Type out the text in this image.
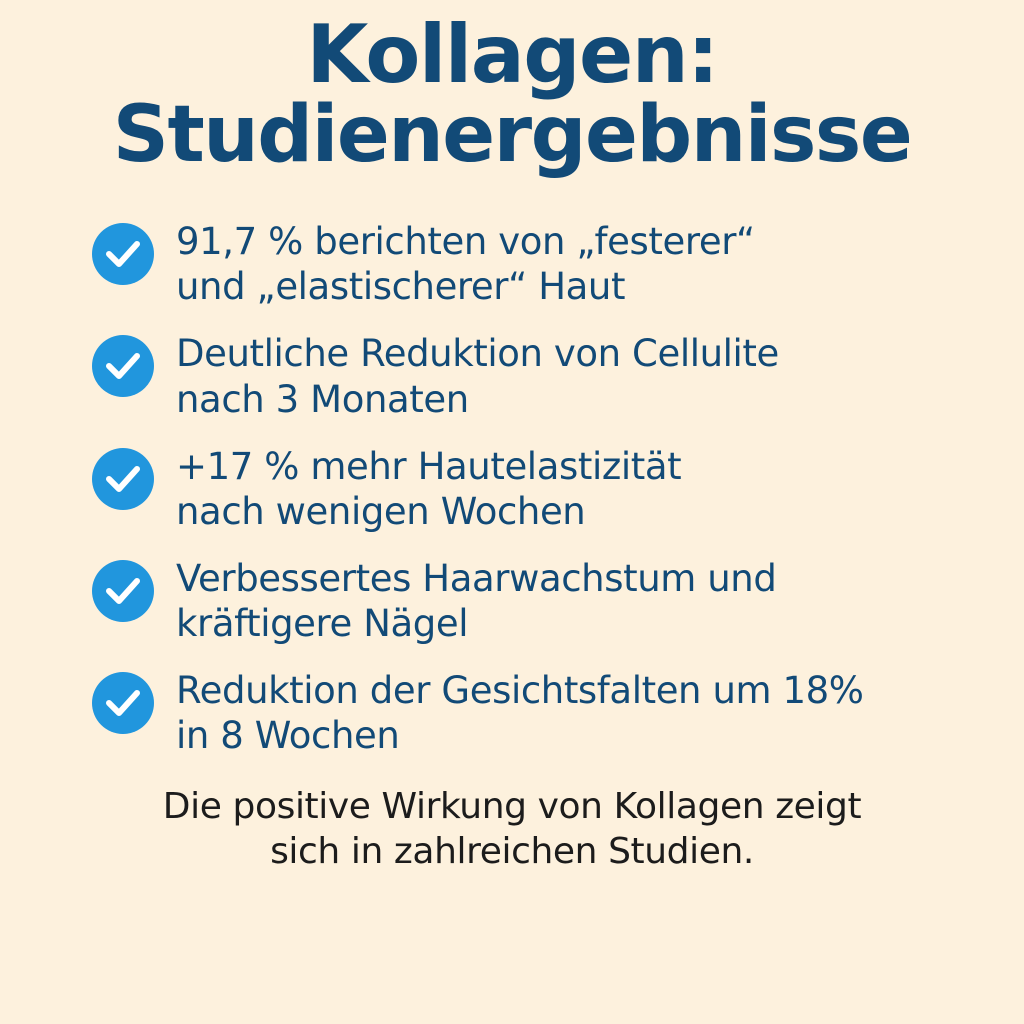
Kollagen:
Studienergebnisse
91,7 % berichten von „festerer“
und „elastischerer“ Haut
Deutliche Reduktion von Cellulite
nach 3 Monaten
+17 % mehr Hautelastizität
nach wenigen Wochen
Verbessertes Haarwachstum und
kräftigere Nägel
Reduktion der Gesichtsfalten um 18%
in 8 Wochen
Die positive Wirkung von Kollagen zeigt
sich in zahlreichen Studien.
